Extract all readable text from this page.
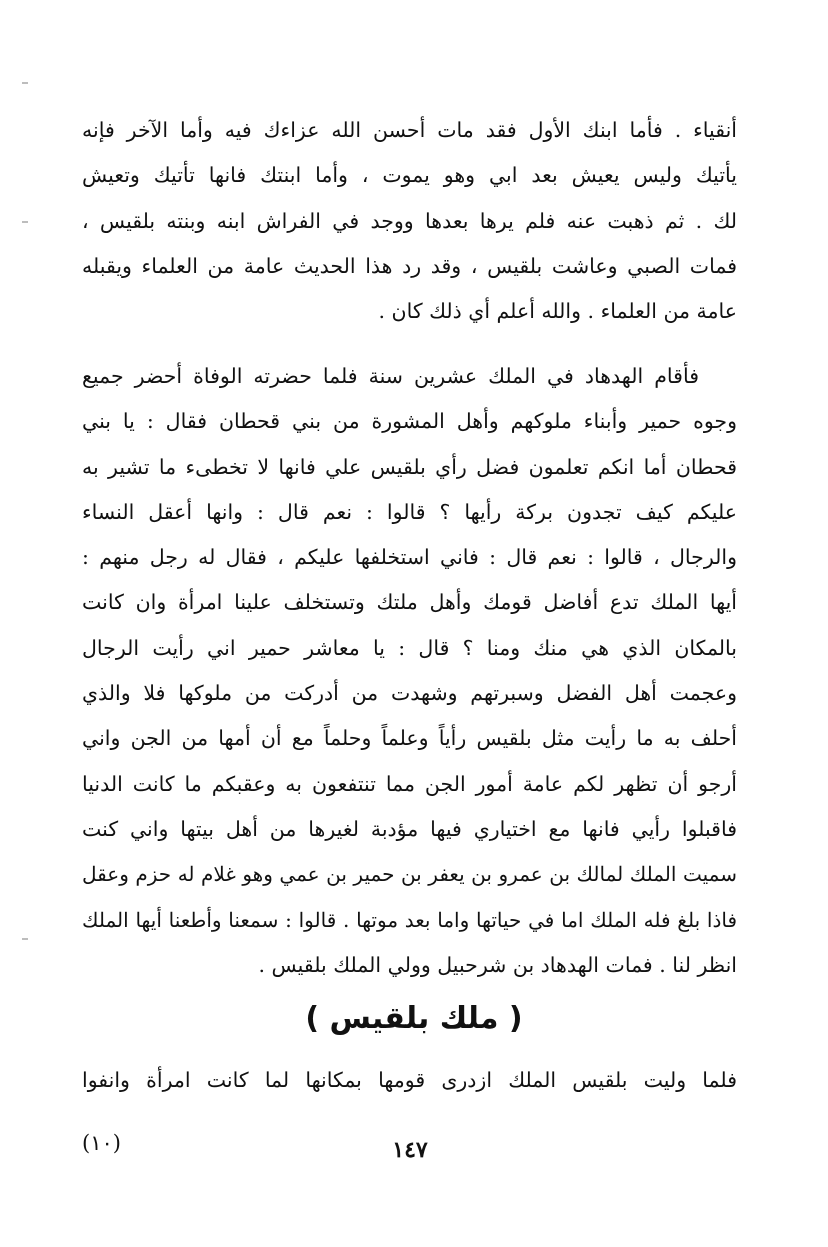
أنقياء . فأما ابنك الأول فقد مات أحسن الله عزاءك فيه وأما الآخر فإنه
يأتيك وليس يعيش بعد ابي وهو يموت ، وأما ابنتك فانها تأتيك وتعيش
لك . ثم ذهبت عنه فلم يرها بعدها ووجد في الفراش ابنه وبنته بلقيس ،
فمات الصبي وعاشت بلقيس ، وقد رد هذا الحديث عامة من العلماء ويقبله
عامة من العلماء . والله أعلم أي ذلك كان .
فأقام الهدهاد في الملك عشرين سنة فلما حضرته الوفاة أحضر جميع
وجوه حمير وأبناء ملوكهم وأهل المشورة من بني قحطان فقال : يا بني
قحطان أما انكم تعلمون فضل رأي بلقيس علي فانها لا تخطىء ما تشير به
عليكم كيف تجدون بركة رأيها ؟ قالوا : نعم قال : وانها أعقل النساء
والرجال ، قالوا : نعم قال : فاني استخلفها عليكم ، فقال له رجل منهم :
أيها الملك تدع أفاضل قومك وأهل ملتك وتستخلف علينا امرأة وان كانت
بالمكان الذي هي منك ومنا ؟ قال : يا معاشر حمير اني رأيت الرجال
وعجمت أهل الفضل وسبرتهم وشهدت من أدركت من ملوكها فلا والذي
أحلف به ما رأيت مثل بلقيس رأياً وعلماً وحلماً مع أن أمها من الجن واني
أرجو أن تظهر لكم عامة أمور الجن مما تنتفعون به وعقبكم ما كانت الدنيا
فاقبلوا رأيي فانها مع اختياري فيها مؤدبة لغيرها من أهل بيتها واني كنت
سميت الملك لمالك بن عمرو بن يعفر بن حمير بن عمي وهو غلام له حزم وعقل
فاذا بلغ فله الملك اما في حياتها واما بعد موتها . قالوا : سمعنا وأطعنا أيها الملك
انظر لنا . فمات الهدهاد بن شرحبيل وولي الملك بلقيس .
( ملك بلقيس )
فلما وليت بلقيس الملك ازدرى قومها بمكانها لما كانت امرأة وانفوا
١٤٧
(١٠)
